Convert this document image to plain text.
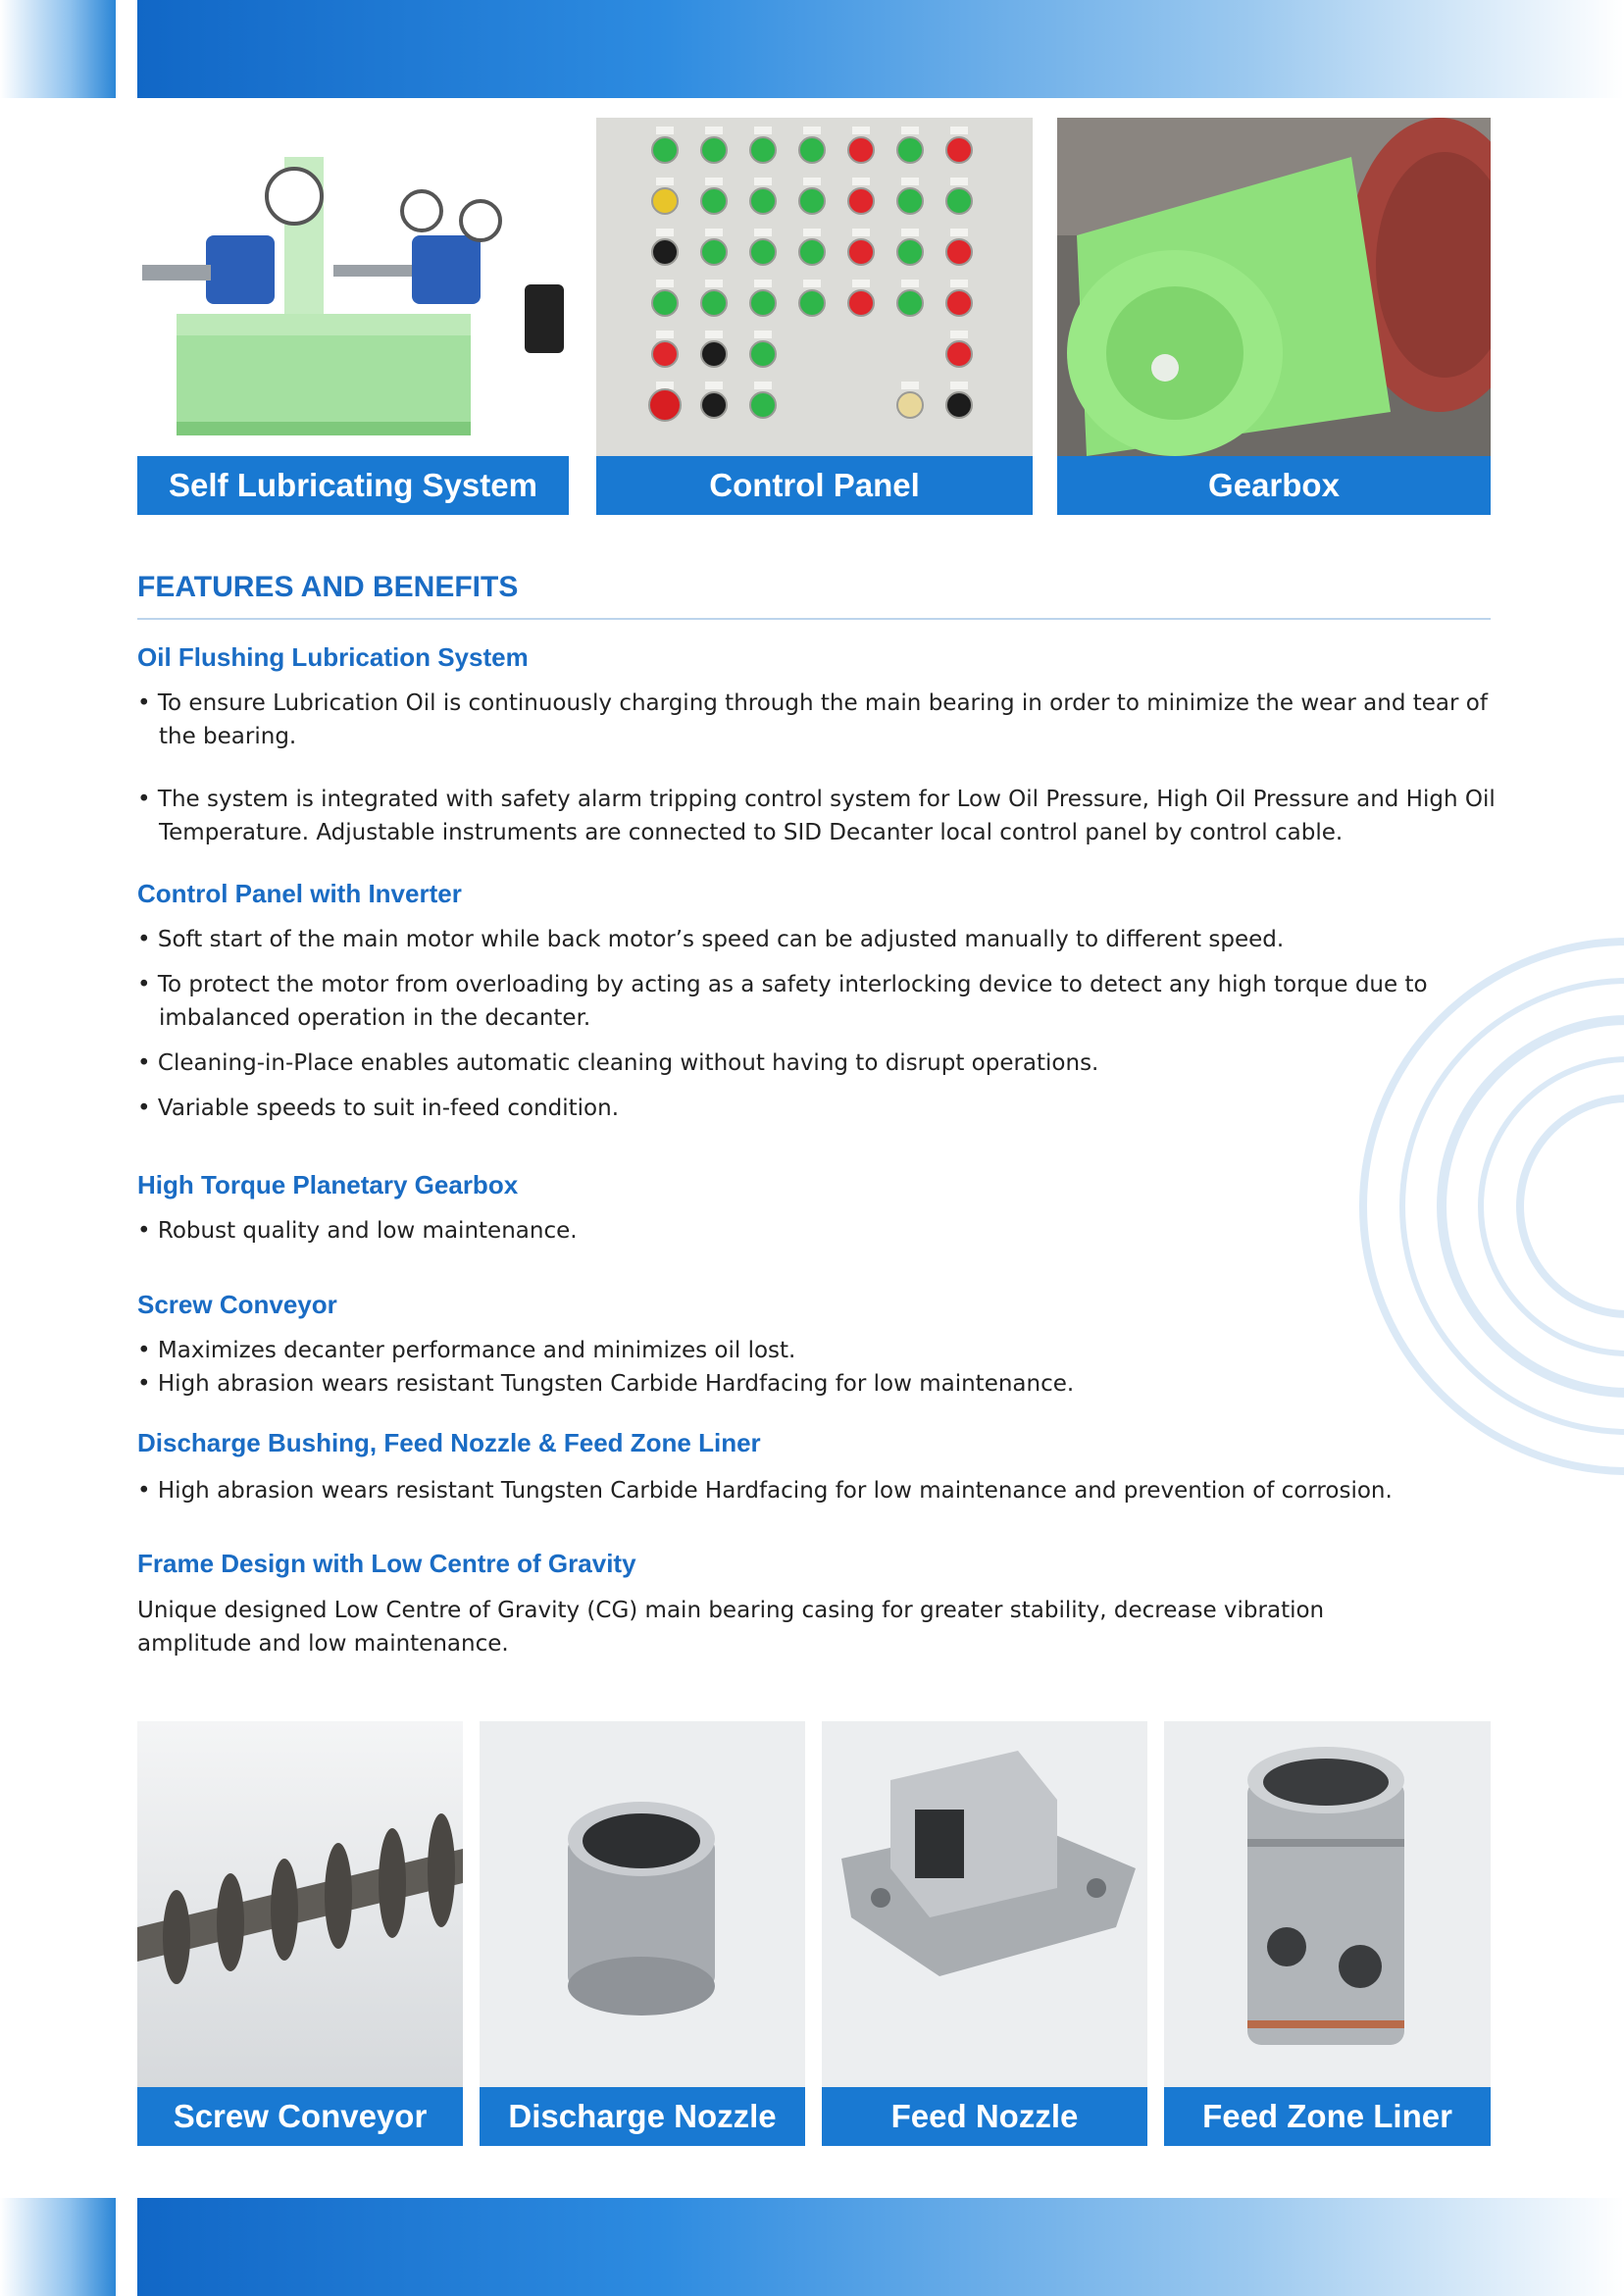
Self Lubricating System	Control Panel	Gearbox
FEATURES AND BENEFITS
Oil Flushing Lubrication System
• To ensure Lubrication Oil is continuously charging through the main bearing in order to minimize the wear and tear of the bearing.
• The system is integrated with safety alarm tripping control system for Low Oil Pressure, High Oil Pressure and High Oil Temperature. Adjustable instruments are connected to SID Decanter local control panel by control cable.
Control Panel with Inverter
• Soft start of the main motor while back motor’s speed can be adjusted manually to different speed.
• To protect the motor from overloading by acting as a safety interlocking device to detect any high torque due to imbalanced operation in the decanter.
• Cleaning-in-Place enables automatic cleaning without having to disrupt operations.
• Variable speeds to suit in-feed condition.
High Torque Planetary Gearbox
• Robust quality and low maintenance.
Screw Conveyor
• Maximizes decanter performance and minimizes oil lost.
• High abrasion wears resistant Tungsten Carbide Hardfacing for low maintenance.
Discharge Bushing, Feed Nozzle & Feed Zone Liner
• High abrasion wears resistant Tungsten Carbide Hardfacing for low maintenance and prevention of corrosion.
Frame Design with Low Centre of Gravity
Unique designed Low Centre of Gravity (CG) main bearing casing for greater stability, decrease vibration amplitude and low maintenance.
Screw Conveyor	Discharge Nozzle	Feed Nozzle	Feed Zone Liner
